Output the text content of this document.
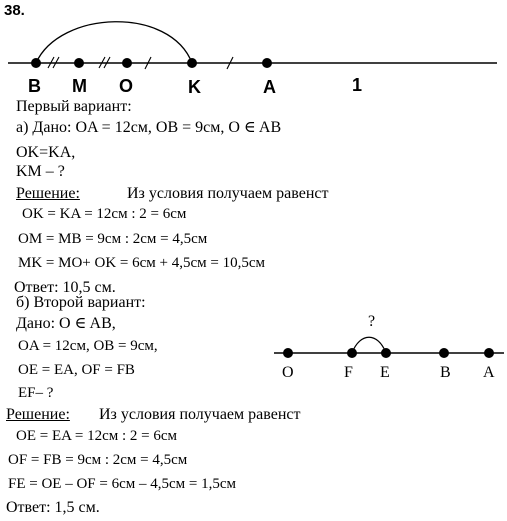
38.
B M O	K	A	1
Первый вариант:
а) Дано: OA = 12см, OB = 9см, O ∈ AB
OK=KA,
KM – ?
Решение:	Из условия получаем равенст
OK = KA = 12см : 2 = 6см
OM = MB = 9см : 2см = 4,5см
MK = MO+ OK = 6см + 4,5см = 10,5см
Ответ: 10,5 см.
б) Второй вариант:
Дано: O ∈ AB,
OA = 12см, OB = 9см,
OE = EA, OF = FB
EF– ?
Решение: Из условия получаем равенст
OE = EA = 12см : 2 = 6см
OF = FB = 9см : 2см = 4,5см
FE = OE – OF = 6см – 4,5см = 1,5см
Ответ: 1,5 см.
?
O	F E	B A
